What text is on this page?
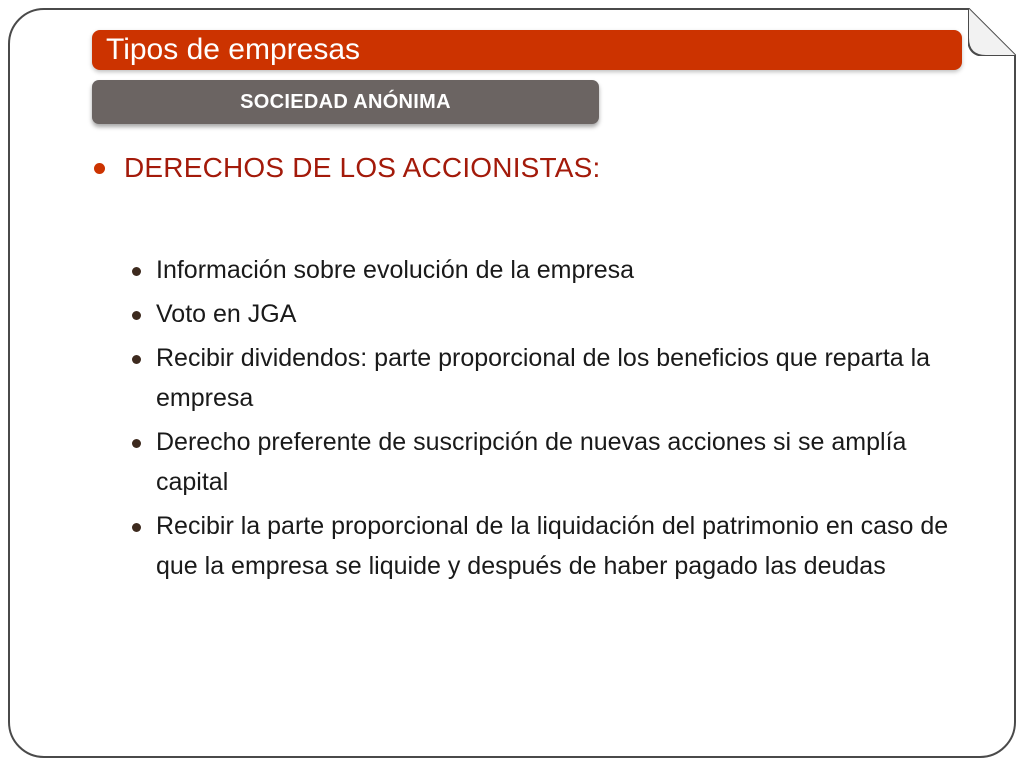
Tipos de empresas
SOCIEDAD ANÓNIMA
DERECHOS DE LOS ACCIONISTAS:
Información sobre evolución de la empresa
Voto en JGA
Recibir dividendos: parte proporcional de los beneficios que reparta la empresa
Derecho preferente de suscripción de nuevas acciones si se amplía capital
Recibir la parte proporcional de la liquidación del patrimonio en caso de que la empresa se liquide y después de haber pagado las deudas
